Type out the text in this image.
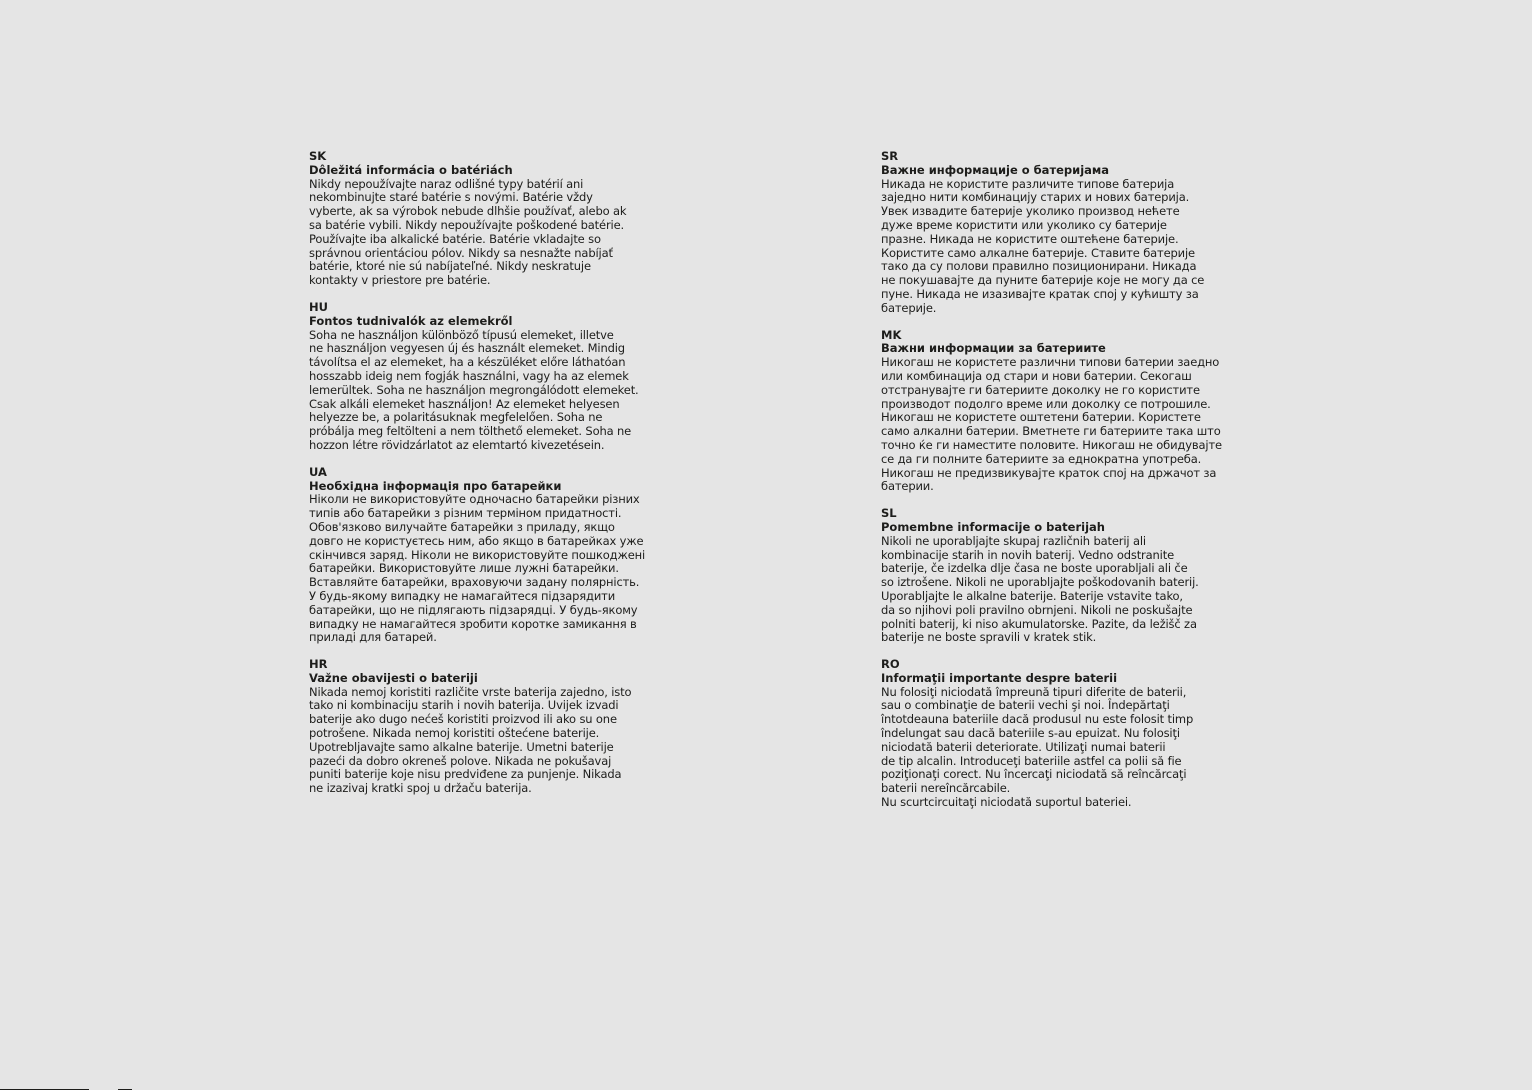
SK
Dôležitá informácia o batériách
Nikdy nepoužívajte naraz odlišné typy batérií ani
nekombinujte staré batérie s novými. Batérie vždy
vyberte, ak sa výrobok nebude dlhšie používať, alebo ak
sa batérie vybili. Nikdy nepoužívajte poškodené batérie.
Používajte iba alkalické batérie. Batérie vkladajte so
správnou orientáciou pólov. Nikdy sa nesnažte nabíjať
batérie, ktoré nie sú nabíjateľné. Nikdy neskratuje
kontakty v priestore pre batérie.
HU
Fontos tudnivalók az elemekről
Soha ne használjon különböző típusú elemeket, illetve
ne használjon vegyesen új és használt elemeket. Mindig
távolítsa el az elemeket, ha a készüléket előre láthatóan
hosszabb ideig nem fogják használni, vagy ha az elemek
lemerültek. Soha ne használjon megrongálódott elemeket.
Csak alkáli elemeket használjon! Az elemeket helyesen
helyezze be, a polaritásuknak megfelelően. Soha ne
próbálja meg feltölteni a nem tölthető elemeket. Soha ne
hozzon létre rövidzárlatot az elemtartó kivezetésein.
UA
Необхідна інформація про батарейки
Ніколи не використовуйте одночасно батарейки різних
типів або батарейки з різним терміном придатності.
Обов'язково вилучайте батарейки з приладу, якщо
довго не користуєтесь ним, або якщо в батарейках уже
скінчився заряд. Ніколи не використовуйте пошкоджені
батарейки. Використовуйте лише лужні батарейки.
Вставляйте батарейки, враховуючи задану полярність.
У будь-якому випадку не намагайтеся підзарядити
батарейки, що не підлягають підзарядці. У будь-якому
випадку не намагайтеся зробити коротке замикання в
приладі для батарей.
HR
Važne obavijesti o bateriji
Nikada nemoj koristiti različite vrste baterija zajedno, isto
tako ni kombinaciju starih i novih baterija. Uvijek izvadi
baterije ako dugo nećeš koristiti proizvod ili ako su one
potrošene. Nikada nemoj koristiti oštećene baterije.
Upotrebljavajte samo alkalne baterije. Umetni baterije
pazeći da dobro okreneš polove. Nikada ne pokušavaj
puniti baterije koje nisu predviđene za punjenje. Nikada
ne izazivaj kratki spoj u držaču baterija.
SR
Важне информације о батеријама
Никада не користите различите типове батерија
заједно нити комбинацију старих и нових батерија.
Увек извадите батерије уколико производ нећете
дуже време користити или уколико су батерије
празне. Никада не користите оштећене батерије.
Користите само алкалне батерије. Ставите батерије
тако да су полови правилно позиционирани. Никада
не покушавајте да пуните батерије које не могу да се
пуне. Никада не изазивајте кратак спој у кућишту за
батерије.
MK
Важни информации за батериите
Никогаш не користете различни типови батерии заедно
или комбинација од стари и нови батерии. Секогаш
отстранувајте ги батериите доколку не го користите
производот подолго време или доколку се потрошиле.
Никогаш не користете оштетени батерии. Користете
само алкални батерии. Вметнете ги батериите така што
точно ќе ги наместите половите. Никогаш не обидувајте
се да ги полните батериите за еднократна употреба.
Никогаш не предизвикувајте краток спој на држачот за
батерии.
SL
Pomembne informacije o baterijah
Nikoli ne uporabljajte skupaj različnih baterij ali
kombinacije starih in novih baterij. Vedno odstranite
baterije, če izdelka dlje časa ne boste uporabljali ali če
so iztrošene. Nikoli ne uporabljajte poškodovanih baterij.
Uporabljajte le alkalne baterije. Baterije vstavite tako,
da so njihovi poli pravilno obrnjeni. Nikoli ne poskušajte
polniti baterij, ki niso akumulatorske. Pazite, da ležišč za
baterije ne boste spravili v kratek stik.
RO
Informaţii importante despre baterii
Nu folosiţi niciodată împreună tipuri diferite de baterii,
sau o combinaţie de baterii vechi şi noi. Îndepărtaţi
întotdeauna bateriile dacă produsul nu este folosit timp
îndelungat sau dacă bateriile s-au epuizat. Nu folosiţi
niciodată baterii deteriorate. Utilizaţi numai baterii
de tip alcalin. Introduceţi bateriile astfel ca polii să fie
poziţionaţi corect. Nu încercaţi niciodată să reîncărcaţi
baterii nereîncărcabile.
Nu scurtcircuitaţi niciodată suportul bateriei.
